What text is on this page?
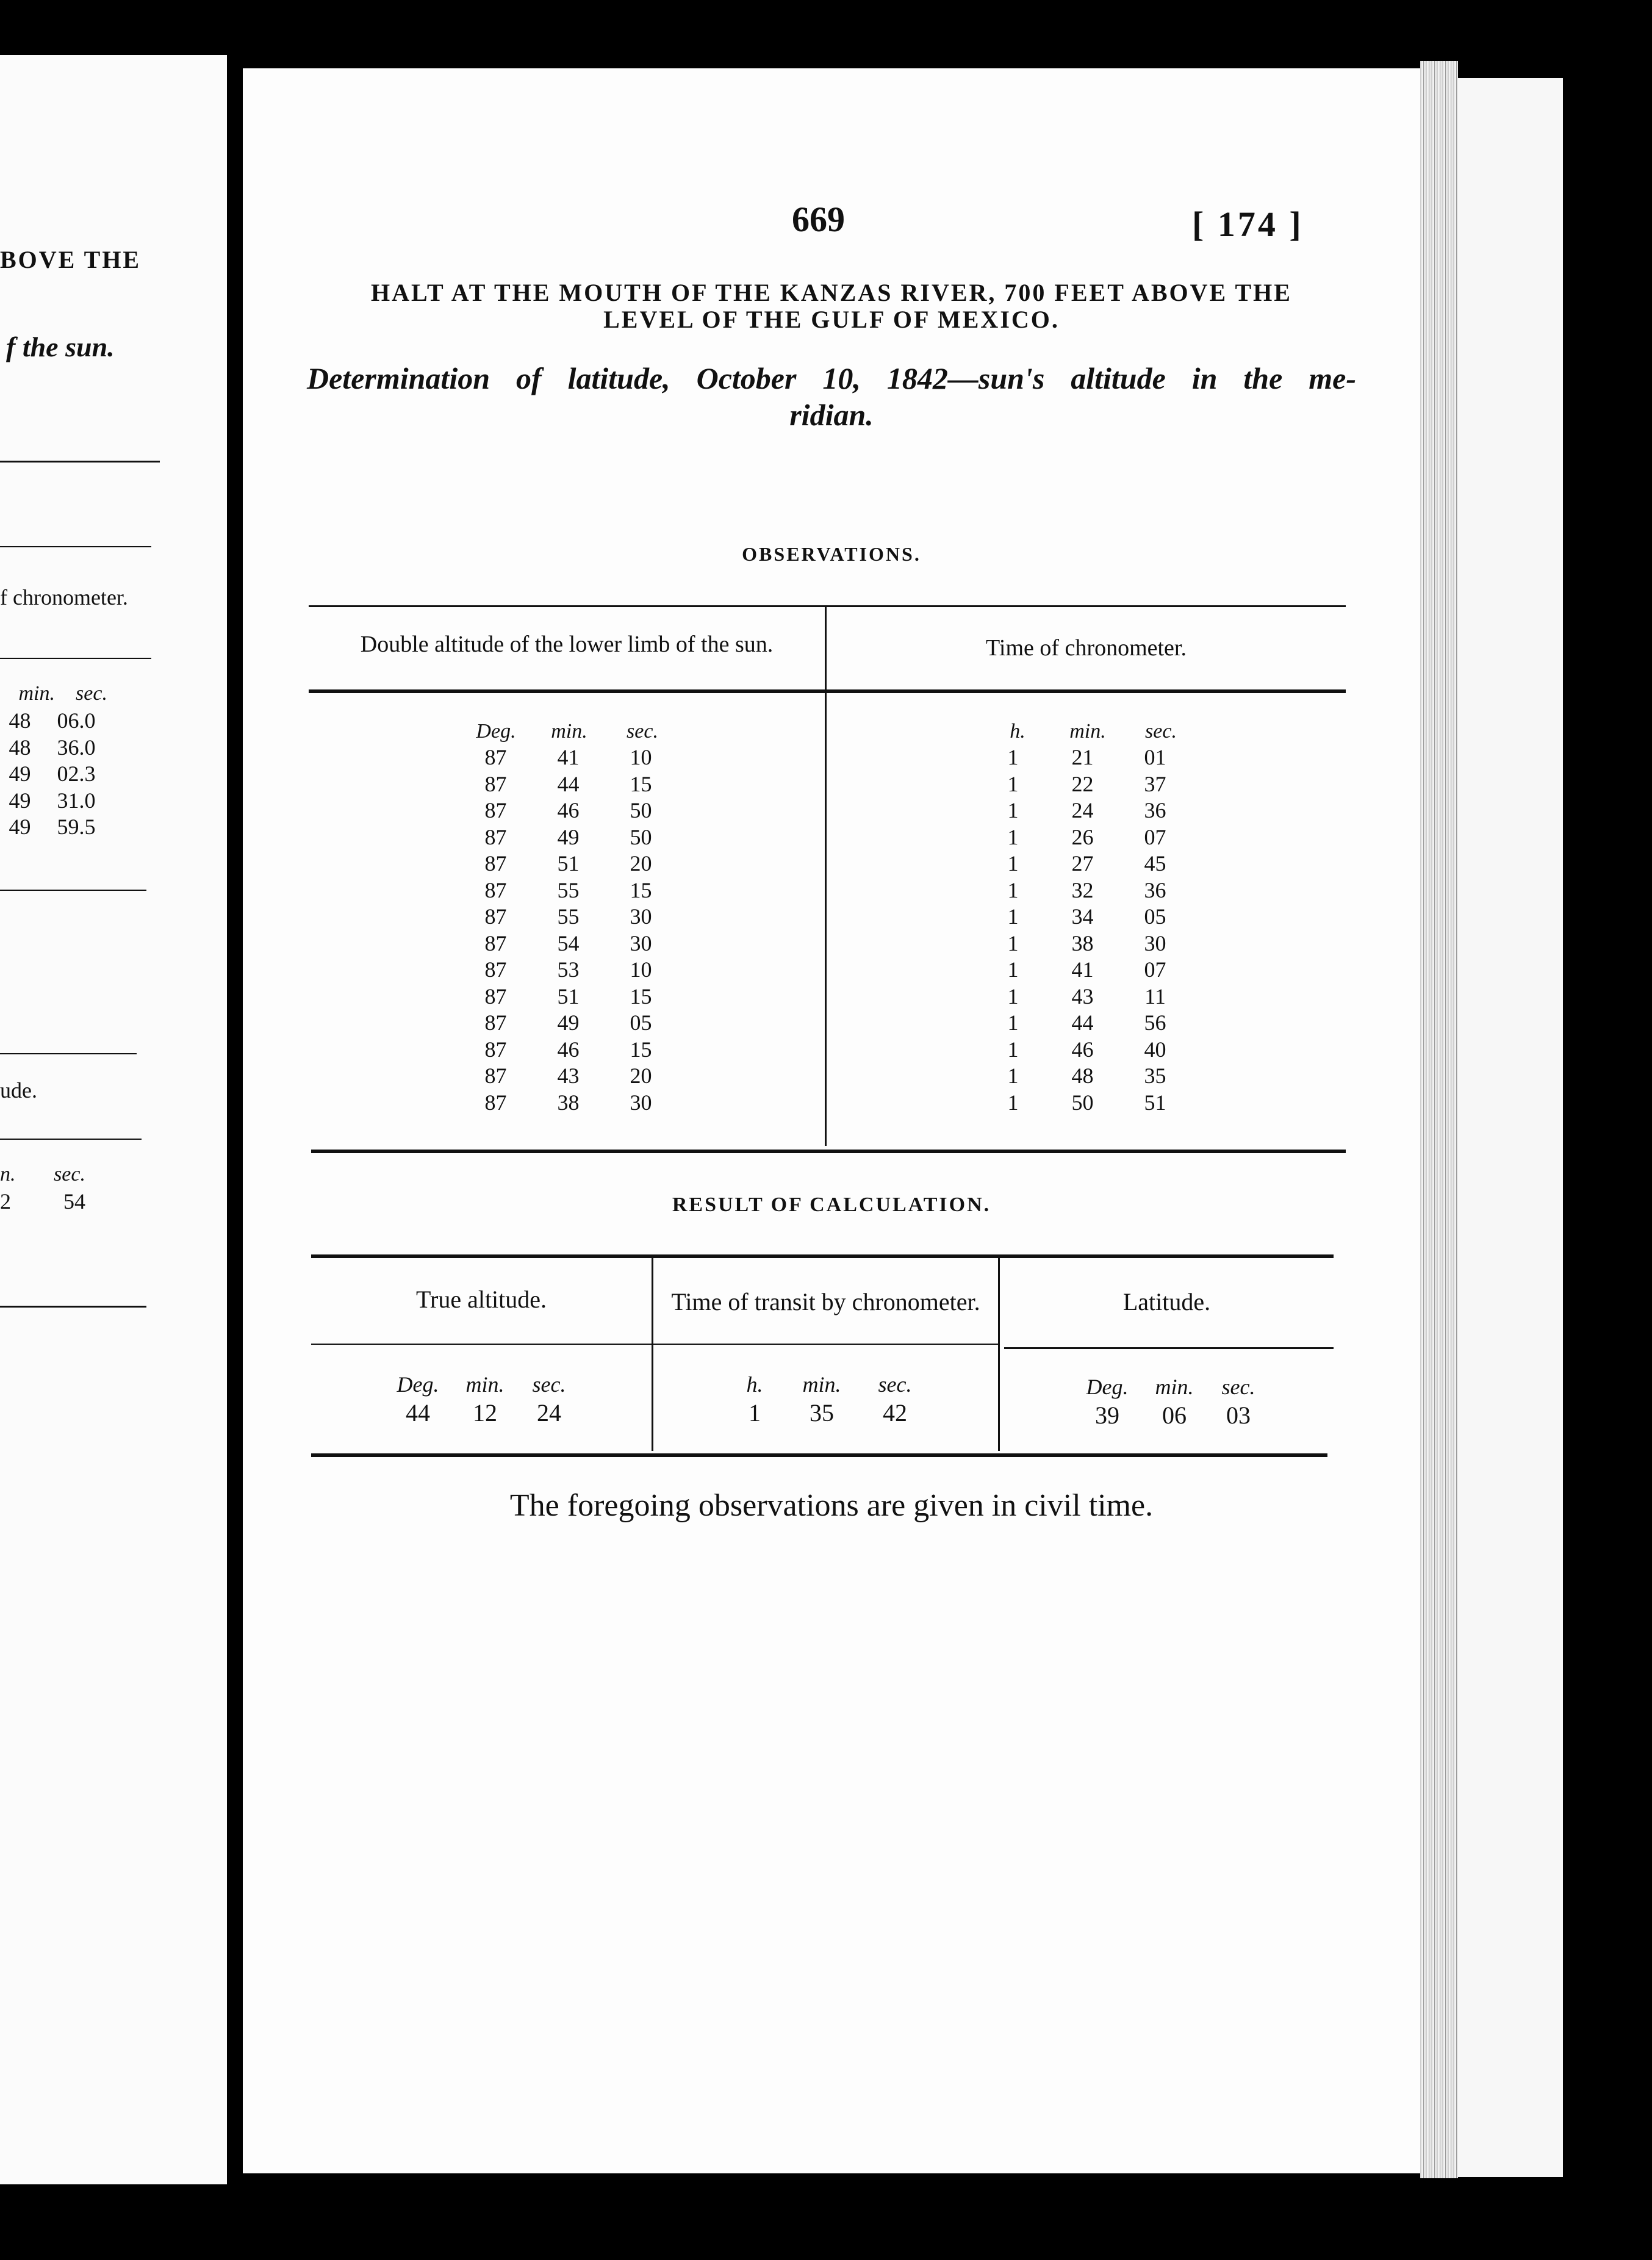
BOVE THE
f the sun.
f chronometer.
min. sec.
48	06.0
48	36.0
49	02.3
49	31.0
49	59.5
ude.
n. sec.
2 54
669	[ 174 ]
HALT AT THE MOUTH OF THE KANZAS RIVER, 700 FEET ABOVE THE
LEVEL OF THE GULF OF MEXICO.
Determination of latitude, October 10, 1842—sun's altitude in the me-
ridian.
OBSERVATIONS.
Double altitude of the lower limb of the sun.	Time of chronometer.
Deg.	min.	sec.	h.	min.	sec.
87	41	10	1	21	01
87	44	15	1	22	37
87	46	50	1	24	36
87	49	50	1	26	07
87	51	20	1	27	45
87	55	15	1	32	36
87	55	30	1	34	05
87	54	30	1	38	30
87	53	10	1	41	07
87	51	15	1	43	11
87	49	05	1	44	56
87	46	15	1	46	40
87	43	20	1	48	35
87	38	30	1	50	51
RESULT OF CALCULATION.
True altitude.	Time of transit by chronometer.	Latitude.
Deg.	min.	sec.
44	12	24
h.	min.	sec.
1	35	42
Deg.	min.	sec.
39	06	03
The foregoing observations are given in civil time.
